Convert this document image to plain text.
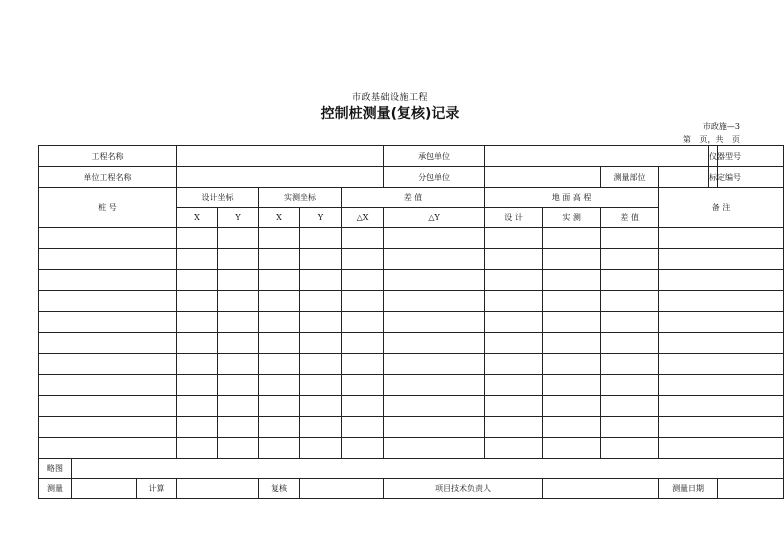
市政基础设施工程
控制桩测量(复核)记录
市政施—3
第 页，共 页
工程名称								承包单位					仪器型号	
单位工程名称								分包单位			测量部位		标定编号	
桩 号			设计坐标		实测坐标		差 值		地 面 高 程			备 注		
			X	Y	X	Y	△X	△Y	设 计	实 测	差 值			

略图														
测量		计算			复核			项目技术负责人				测量日期		
